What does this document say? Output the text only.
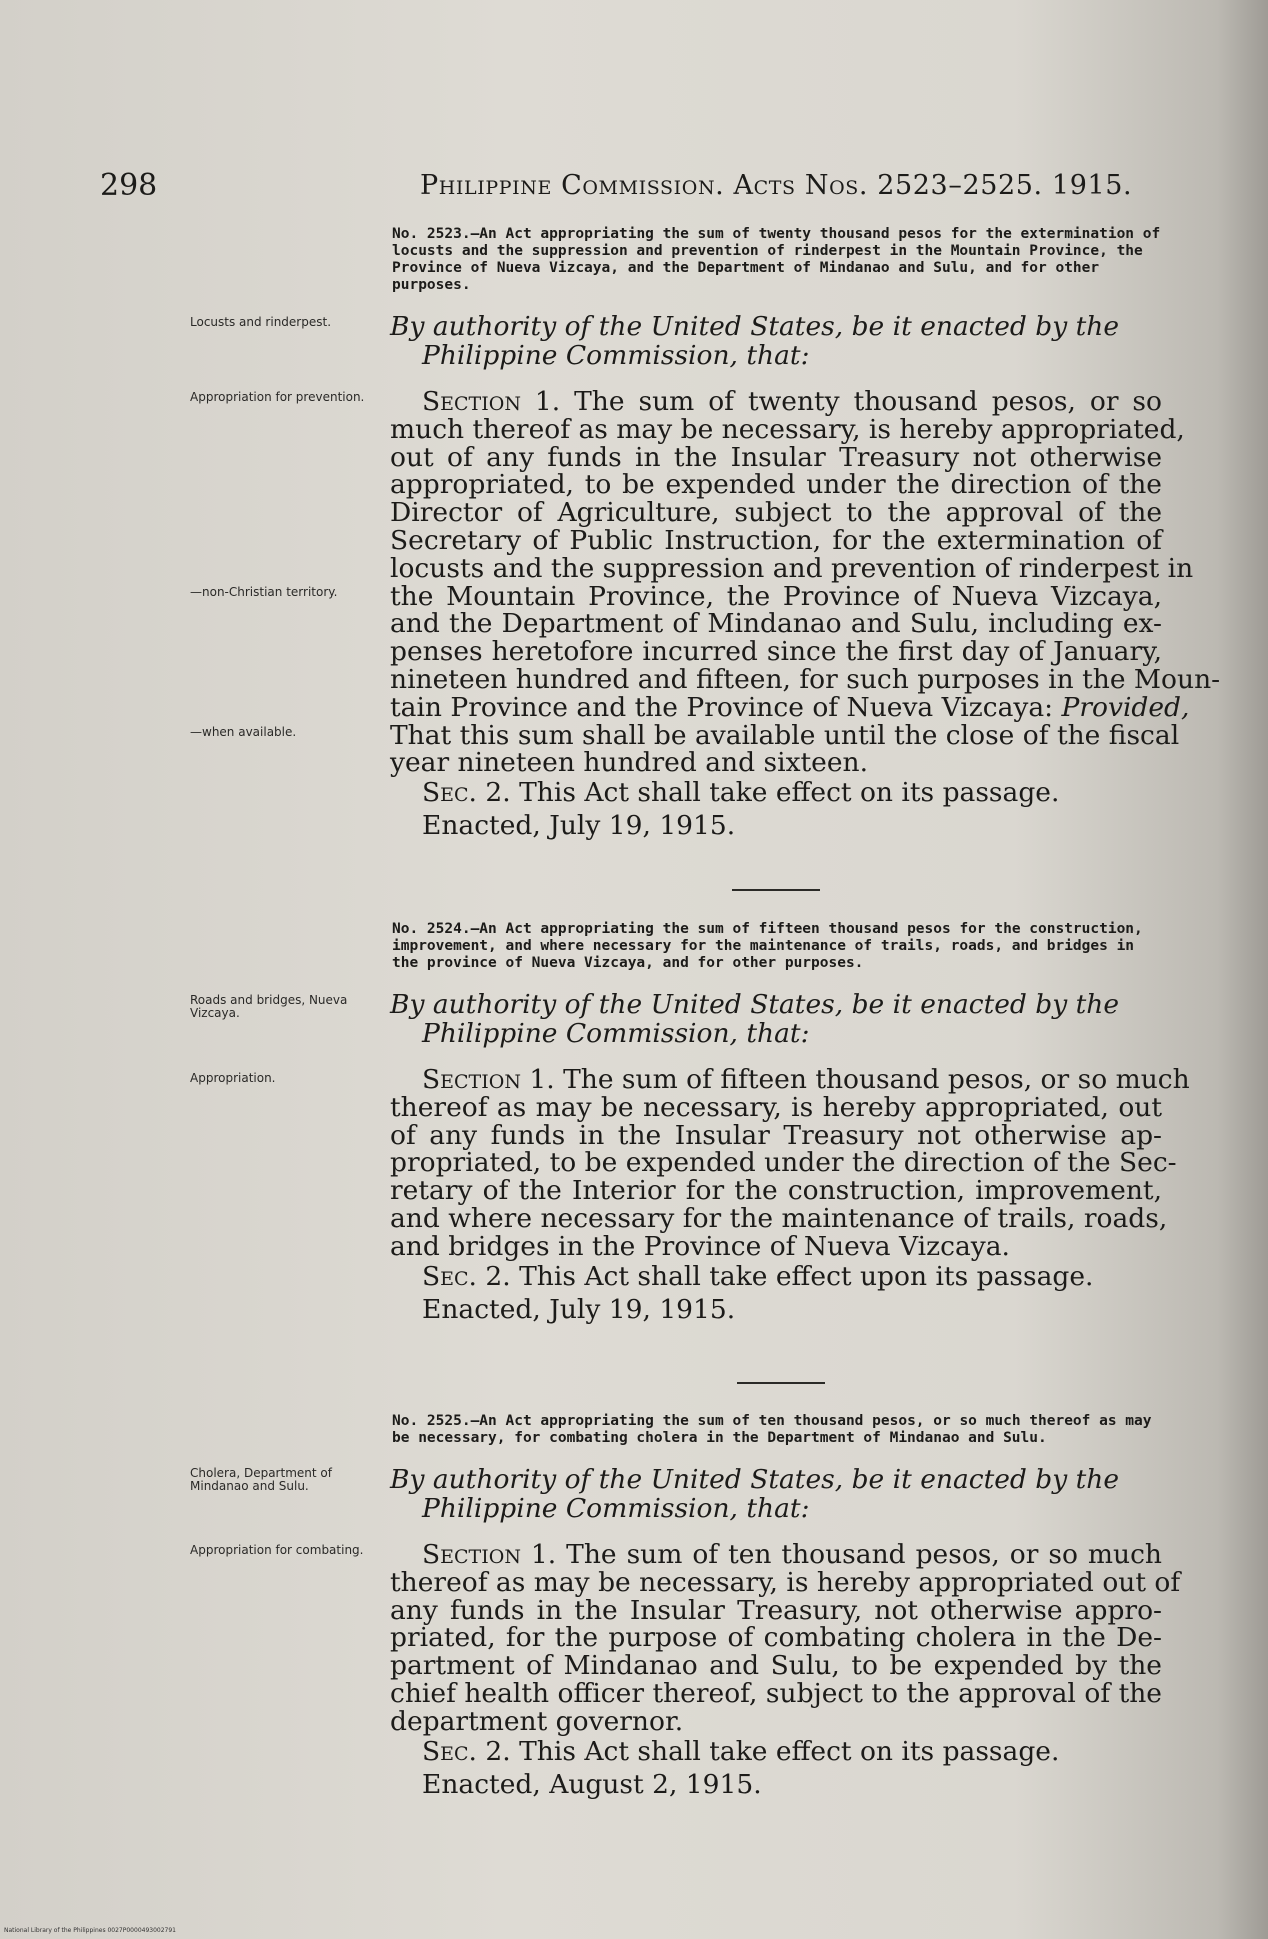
298	Philippine Commission. Acts Nos. 2523–2525. 1915.

No. 2523.—An Act appropriating the sum of twenty thousand pesos for the extermination of locusts and the suppression and prevention of rinderpest in the Mountain Province, the Province of Nueva Vizcaya, and the Department of Mindanao and Sulu, and for other purposes.

Locusts and rinderpest.	By authority of the United States, be it enacted by the
Philippine Commission, that:

Appropriation for prevention.
—non-Christian territory.
—when available.

Section 1. The sum of twenty thousand pesos, or so
much thereof as may be necessary, is hereby appropriated,
out of any funds in the Insular Treasury not otherwise
appropriated, to be expended under the direction of the
Director of Agriculture, subject to the approval of the
Secretary of Public Instruction, for the extermination of
locusts and the suppression and prevention of rinderpest in
the Mountain Province, the Province of Nueva Vizcaya,
and the Department of Mindanao and Sulu, including ex-
penses heretofore incurred since the first day of January,
nineteen hundred and fifteen, for such purposes in the Moun-
tain Province and the Province of Nueva Vizcaya: Provided,
That this sum shall be available until the close of the fiscal
year nineteen hundred and sixteen.

Sec. 2. This Act shall take effect on its passage.

Enacted, July 19, 1915.

No. 2524.—An Act appropriating the sum of fifteen thousand pesos for the construction, improvement, and where necessary for the maintenance of trails, roads, and bridges in the province of Nueva Vizcaya, and for other purposes.

Roads and bridges, Nueva Vizcaya.	By authority of the United States, be it enacted by the
Philippine Commission, that:

Appropriation.	Section 1. The sum of fifteen thousand pesos, or so much
thereof as may be necessary, is hereby appropriated, out
of any funds in the Insular Treasury not otherwise ap-
propriated, to be expended under the direction of the Sec-
retary of the Interior for the construction, improvement,
and where necessary for the maintenance of trails, roads,
and bridges in the Province of Nueva Vizcaya.

Sec. 2. This Act shall take effect upon its passage.

Enacted, July 19, 1915.

No. 2525.—An Act appropriating the sum of ten thousand pesos, or so much thereof as may be necessary, for combating cholera in the Department of Mindanao and Sulu.

Cholera, Department of Mindanao and Sulu.	By authority of the United States, be it enacted by the
Philippine Commission, that:

Appropriation for combating.	Section 1. The sum of ten thousand pesos, or so much
thereof as may be necessary, is hereby appropriated out of
any funds in the Insular Treasury, not otherwise appro-
priated, for the purpose of combating cholera in the De-
partment of Mindanao and Sulu, to be expended by the
chief health officer thereof, subject to the approval of the
department governor.

Sec. 2. This Act shall take effect on its passage.

Enacted, August 2, 1915.

National Library of the Philippines 0027P0000493002791
